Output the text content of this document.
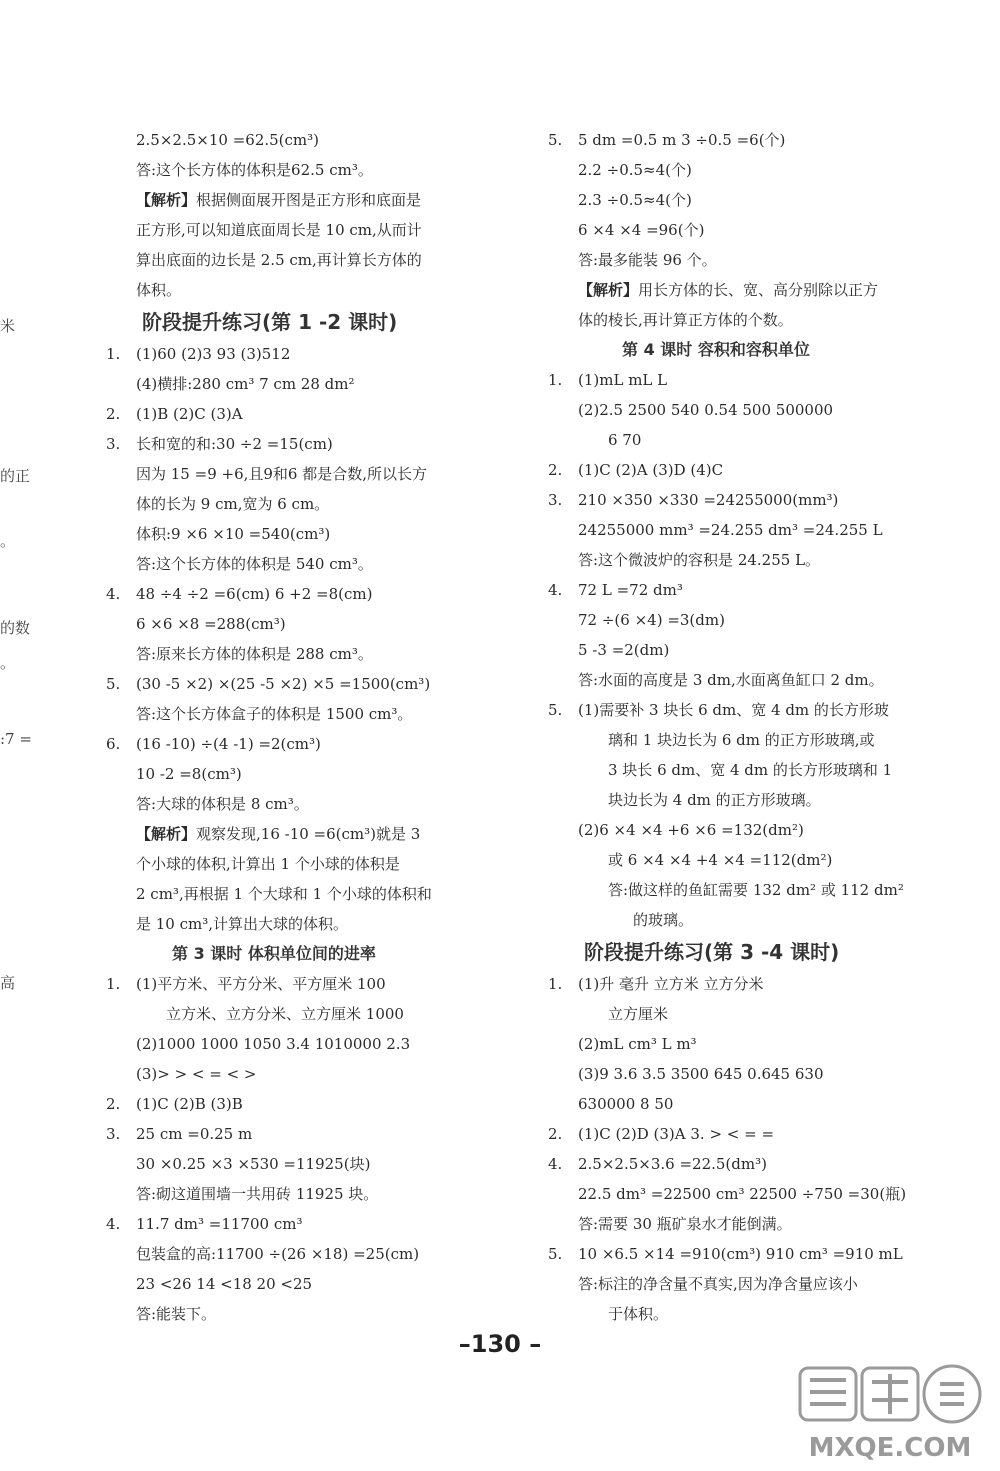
米
的正
。
的数
。
:7 =
高
2.5×2.5×10 =62.5(cm³)
答:这个长方体的体积是62.5 cm³。
【解析】根据侧面展开图是正方形和底面是
正方形,可以知道底面周长是 10 cm,从而计
算出底面的边长是 2.5 cm,再计算长方体的
体积。
阶段提升练习(第 1 -2 课时)
1. (1)60 (2)3 93 (3)512
(4)横排:280 cm³ 7 cm 28 dm²
2. (1)B (2)C (3)A
3. 长和宽的和:30 ÷2 =15(cm)
因为 15 =9 +6,且9和6 都是合数,所以长方
体的长为 9 cm,宽为 6 cm。
体积:9 ×6 ×10 =540(cm³)
答:这个长方体的体积是 540 cm³。
4. 48 ÷4 ÷2 =6(cm) 6 +2 =8(cm)
6 ×6 ×8 =288(cm³)
答:原来长方体的体积是 288 cm³。
5. (30 -5 ×2) ×(25 -5 ×2) ×5 =1500(cm³)
答:这个长方体盒子的体积是 1500 cm³。
6. (16 -10) ÷(4 -1) =2(cm³)
10 -2 =8(cm³)
答:大球的体积是 8 cm³。
【解析】观察发现,16 -10 =6(cm³)就是 3
个小球的体积,计算出 1 个小球的体积是
2 cm³,再根据 1 个大球和 1 个小球的体积和
是 10 cm³,计算出大球的体积。
第 3 课时 体积单位间的进率
1. (1)平方米、平方分米、平方厘米 100
立方米、立方分米、立方厘米 1000
(2)1000 1000 1050 3.4 1010000 2.3
(3)> > < = < >
2. (1)C (2)B (3)B
3. 25 cm =0.25 m
30 ×0.25 ×3 ×530 =11925(块)
答:砌这道围墙一共用砖 11925 块。
4. 11.7 dm³ =11700 cm³
包装盒的高:11700 ÷(26 ×18) =25(cm)
23 <26 14 <18 20 <25
答:能装下。
5. 5 dm =0.5 m 3 ÷0.5 =6(个)
2.2 ÷0.5≈4(个)
2.3 ÷0.5≈4(个)
6 ×4 ×4 =96(个)
答:最多能装 96 个。
【解析】用长方体的长、宽、高分别除以正方
体的棱长,再计算正方体的个数。
第 4 课时 容积和容积单位
1. (1)mL mL L
(2)2.5 2500 540 0.54 500 500000
6 70
2. (1)C (2)A (3)D (4)C
3. 210 ×350 ×330 =24255000(mm³)
24255000 mm³ =24.255 dm³ =24.255 L
答:这个微波炉的容积是 24.255 L。
4. 72 L =72 dm³
72 ÷(6 ×4) =3(dm)
5 -3 =2(dm)
答:水面的高度是 3 dm,水面离鱼缸口 2 dm。
5. (1)需要补 3 块长 6 dm、宽 4 dm 的长方形玻
璃和 1 块边长为 6 dm 的正方形玻璃,或
3 块长 6 dm、宽 4 dm 的长方形玻璃和 1
块边长为 4 dm 的正方形玻璃。
(2)6 ×4 ×4 +6 ×6 =132(dm²)
或 6 ×4 ×4 +4 ×4 =112(dm²)
答:做这样的鱼缸需要 132 dm² 或 112 dm²
的玻璃。
阶段提升练习(第 3 -4 课时)
1. (1)升 毫升 立方米 立方分米
立方厘米
(2)mL cm³ L m³
(3)9 3.6 3.5 3500 645 0.645 630
630000 8 50
2. (1)C (2)D (3)A 3. > < = =
4. 2.5×2.5×3.6 =22.5(dm³)
22.5 dm³ =22500 cm³ 22500 ÷750 =30(瓶)
答:需要 30 瓶矿泉水才能倒满。
5. 10 ×6.5 ×14 =910(cm³) 910 cm³ =910 mL
答:标注的净含量不真实,因为净含量应该小
于体积。
–130 –
MXQE.COM
